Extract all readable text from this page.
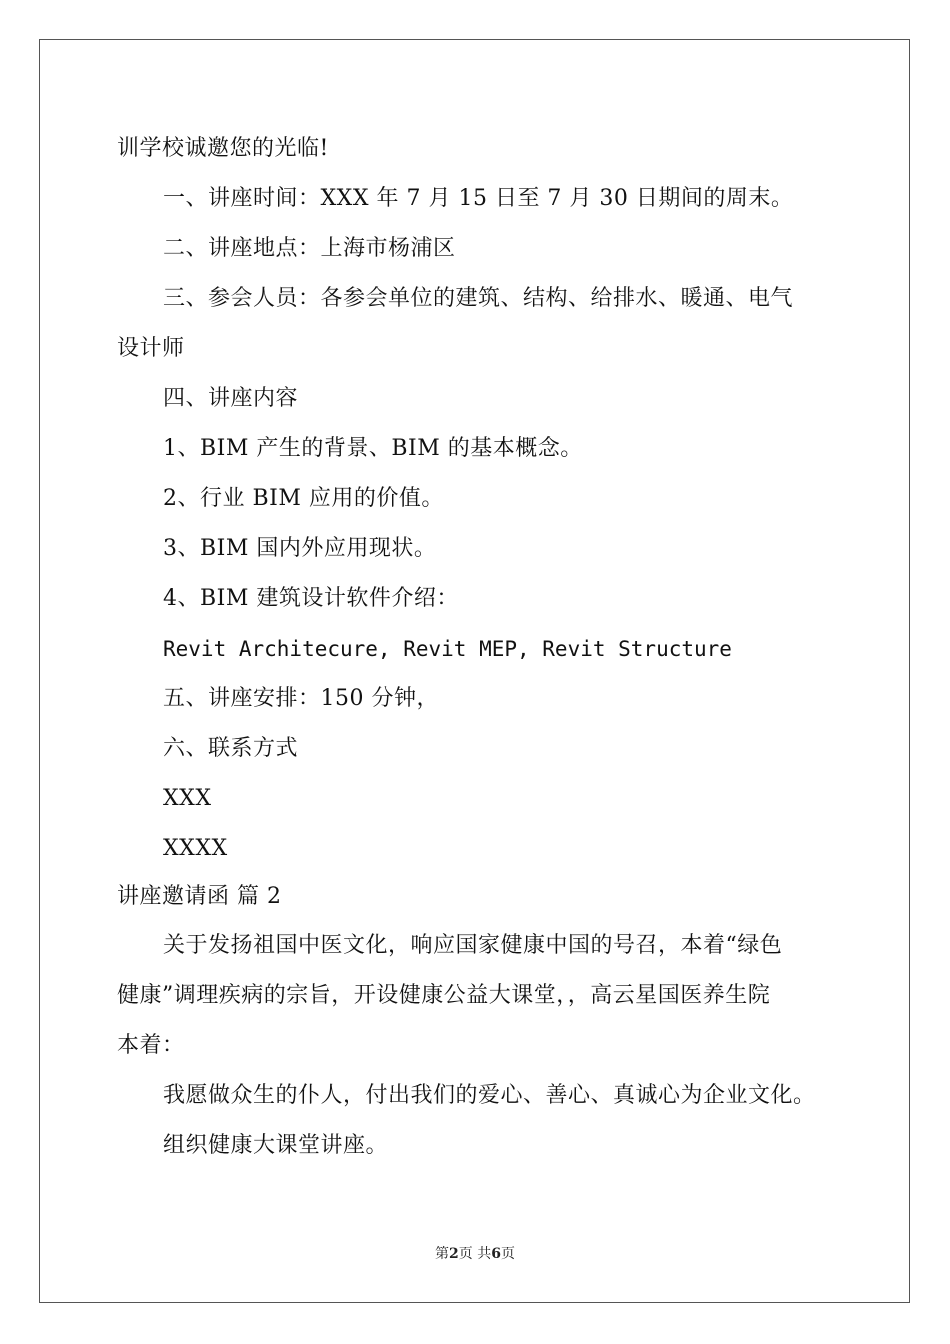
训学校诚邀您的光临!
一、讲座时间：XXX 年 7 月 15 日至 7 月 30 日期间的周末。
二、讲座地点：上海市杨浦区
三、参会人员：各参会单位的建筑、结构、给排水、暖通、电气
设计师
四、讲座内容
1、BIM 产生的背景、BIM 的基本概念。
2、行业 BIM 应用的价值。
3、BIM 国内外应用现状。
4、BIM 建筑设计软件介绍：
Revit Architecure, Revit MEP, Revit Structure
五、讲座安排：150 分钟，
六、联系方式
XXX
XXXX
讲座邀请函 篇 2
关于发扬祖国中医文化，响应国家健康中国的号召，本着“绿色
健康”调理疾病的宗旨，开设健康公益大课堂，，高云星国医养生院
本着：
我愿做众生的仆人，付出我们的爱心、善心、真诚心为企业文化。
组织健康大课堂讲座。
第2页 共6页
